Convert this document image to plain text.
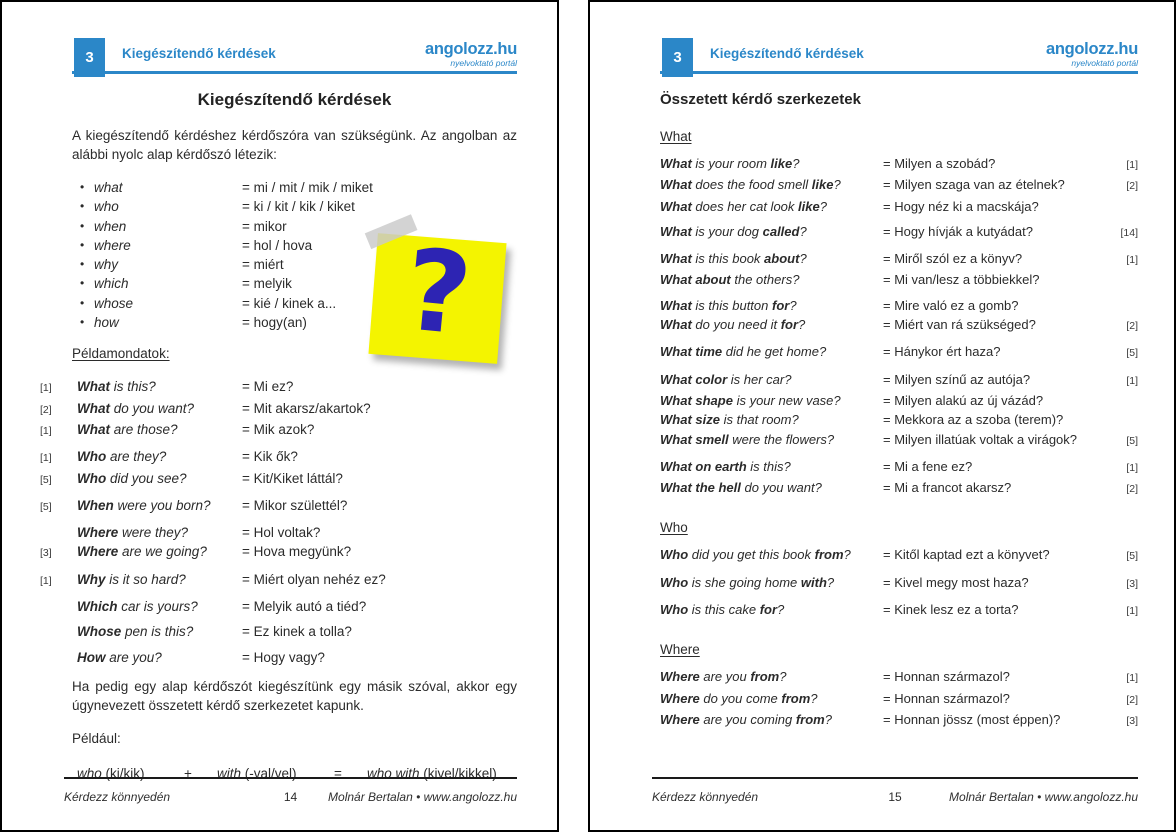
3	Kiegészítendő kérdések	angolozz.hu
nyelvoktató portál
Kiegészítendő kérdések

A kiegészítendő kérdéshez kérdőszóra van szükségünk. Az angolban az alábbi nyolc alap kérdőszó létezik:

• what	= mi / mit / mik / miket
• who	= ki / kit / kik / kiket
• when	= mikor
• where	= hol / hova
• why	= miért
• which	= melyik
• whose	= kié / kinek a...
• how	= hogy(an)
Példamondatok:
[1]	What is this?	= Mi ez?
[2]	What do you want?	= Mit akarsz/akartok?
[1]	What are those?	= Mik azok?
[1]	Who are they?	= Kik ők?
[5]	Who did you see?	= Kit/Kiket láttál?
[5]	When were you born?	= Mikor születtél?
Where were they?	= Hol voltak?
[3]	Where are we going?	= Hova megyünk?
[1]	Why is it so hard?	= Miért olyan nehéz ez?
Which car is yours?	= Melyik autó a tiéd?
Whose pen is this?	= Ez kinek a tolla?
How are you?	= Hogy vagy?

Ha pedig egy alap kérdőszót kiegészítünk egy másik szóval, akkor egy úgynevezett összetett kérdő szerkezetet kapunk.

Például:

who (ki/kik)	+	with (-val/vel)	=	who with (kivel/kikkel)
?
Kérdezz könnyedén	14	Molnár Bertalan • www.angolozz.hu
3	Kiegészítendő kérdések	angolozz.hu
nyelvoktató portál
Összetett kérdő szerkezetek
What
What is your room like?	= Milyen a szobád?	[1]
What does the food smell like?	= Milyen szaga van az ételnek?	[2]
What does her cat look like?	= Hogy néz ki a macskája?
What is your dog called?	= Hogy hívják a kutyádat?	[14]
What is this book about?	= Miről szól ez a könyv?	[1]
What about the others?	= Mi van/lesz a többiekkel?
What is this button for?	= Mire való ez a gomb?
What do you need it for?	= Miért van rá szükséged?	[2]
What time did he get home?	= Hánykor ért haza?	[5]
What color is her car?	= Milyen színű az autója?	[1]
What shape is your new vase?	= Milyen alakú az új vázád?
What size is that room?	= Mekkora az a szoba (terem)?
What smell were the flowers?	= Milyen illatúak voltak a virágok?	[5]
What on earth is this?	= Mi a fene ez?	[1]
What the hell do you want?	= Mi a francot akarsz?	[2]
Who
Who did you get this book from?	= Kitől kaptad ezt a könyvet?	[5]
Who is she going home with?	= Kivel megy most haza?	[3]
Who is this cake for?	= Kinek lesz ez a torta?	[1]
Where
Where are you from?	= Honnan származol?	[1]
Where do you come from?	= Honnan származol?	[2]
Where are you coming from?	= Honnan jössz (most éppen)?	[3]
Kérdezz könnyedén	15	Molnár Bertalan • www.angolozz.hu
